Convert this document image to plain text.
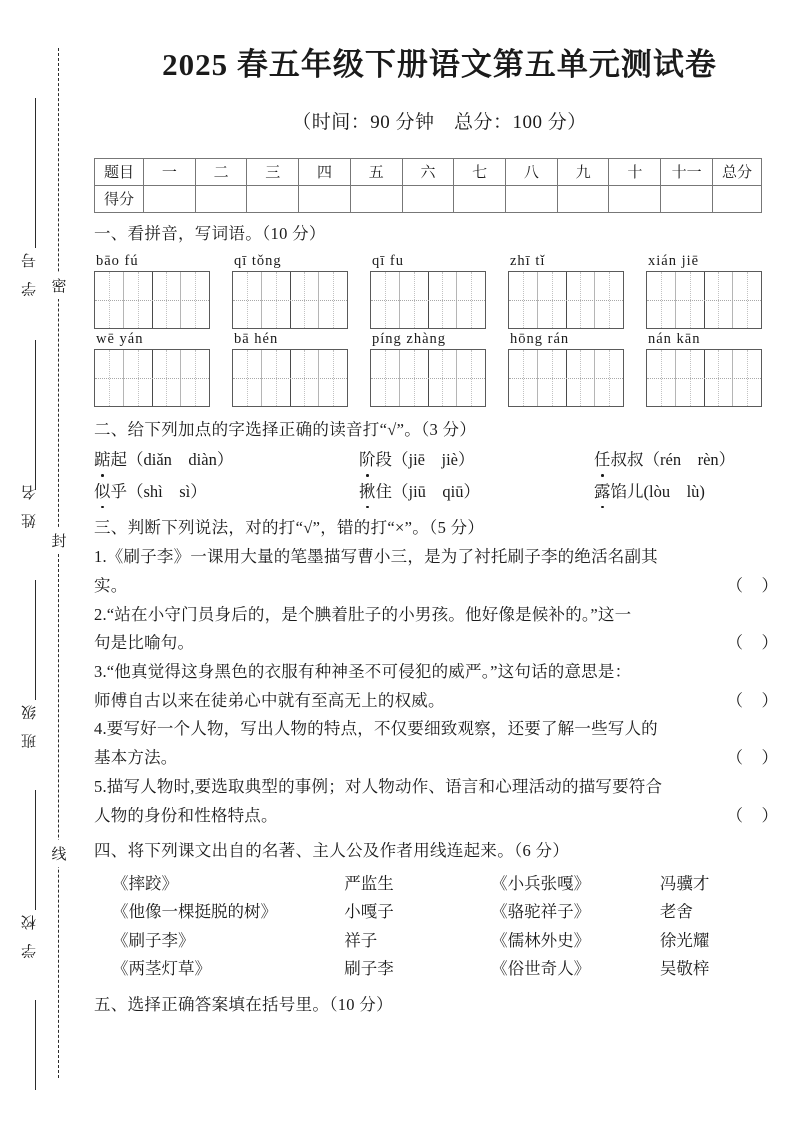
学 号
姓 名
班 级
学 校
密
封
线
2025 春五年级下册语文第五单元测试卷
（时间：90 分钟　总分：100 分）
题目	一	二	三	四	五	六	七	八	九	十	十一	总分
得分												
一、看拼音，写词语。（10 分）
bāo fú	qī tǒng	qī fu	zhī tǐ	xián jiē
wē yán	bā hén	píng zhàng	hōng rán	nán kān
二、给下列加点的字选择正确的读音打“√”。（3 分）
踮起（diǎn　diàn）	阶段（jiē　jiè）	任叔叔（rén　rèn）
似乎（shì　sì）	揪住（jiū　qiū）	露馅儿(lòu　lù)
三、判断下列说法，对的打“√”，错的打“×”。（5 分）
1.《刷子李》一课用大量的笔墨描写曹小三，是为了衬托刷子李的绝活名副其
（　）
实。
2.“站在小守门员身后的，是个腆着肚子的小男孩。他好像是候补的。”这一
（　）
句是比喻句。
3.“他真觉得这身黑色的衣服有种神圣不可侵犯的威严。”这句话的意思是：
（　）
师傅自古以来在徒弟心中就有至高无上的权威。
4.要写好一个人物，写出人物的特点，不仅要细致观察，还要了解一些写人的
（　）
基本方法。
5.描写人物时,要选取典型的事例；对人物动作、语言和心理活动的描写要符合
（　）
人物的身份和性格特点。
四、将下列课文出自的名著、主人公及作者用线连起来。（6 分）
《摔跤》	严监生	《小兵张嘎》	冯骥才
《他像一棵挺脱的树》	小嘎子	《骆驼祥子》	老舍
《刷子李》	祥子	《儒林外史》	徐光耀
《两茎灯草》	刷子李	《俗世奇人》	吴敬梓
五、选择正确答案填在括号里。（10 分）
